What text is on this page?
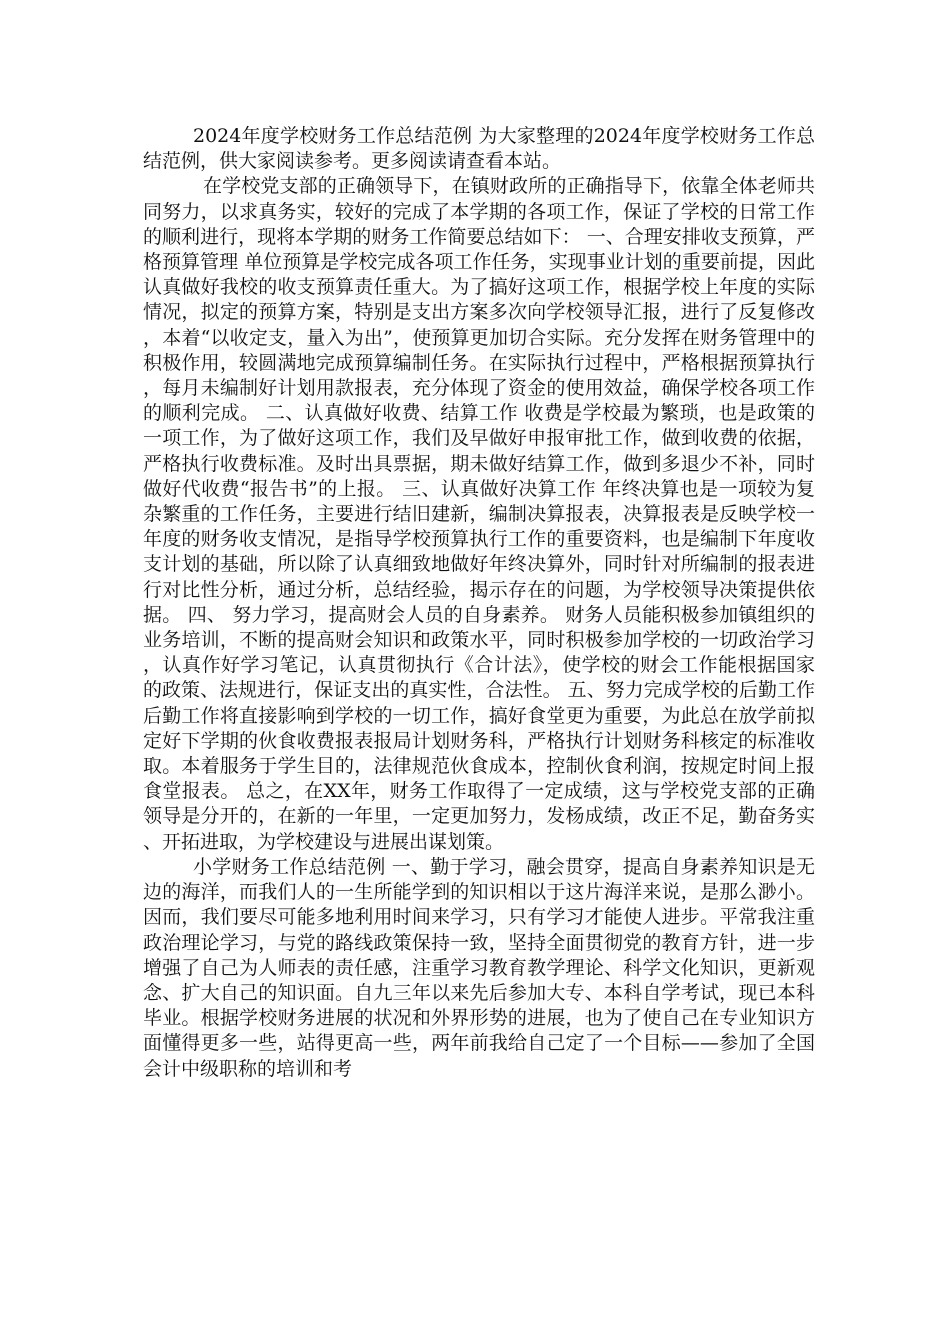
2024年度学校财务工作总结范例 为大家整理的2024年度学校财务工作总结范例，供大家阅读参考。更多阅读请查看本站。

在学校党支部的正确领导下，在镇财政所的正确指导下，依靠全体老师共同努力，以求真务实，较好的完成了本学期的各项工作，保证了学校的日常工作的顺利进行，现将本学期的财务工作简要总结如下： 一、合理安排收支预算，严格预算管理 单位预算是学校完成各项工作任务，实现事业计划的重要前提，因此认真做好我校的收支预算责任重大。为了搞好这项工作，根据学校上年度的实际情况，拟定的预算方案，特别是支出方案多次向学校领导汇报，进行了反复修改，本着“以收定支，量入为出”，使预算更加切合实际。充分发挥在财务管理中的积极作用，较圆满地完成预算编制任务。在实际执行过程中，严格根据预算执行，每月未编制好计划用款报表，充分体现了资金的使用效益，确保学校各项工作的顺利完成。 二、认真做好收费、结算工作 收费是学校最为繁琐，也是政策的一项工作，为了做好这项工作，我们及早做好申报审批工作，做到收费的依据，严格执行收费标准。及时出具票据，期未做好结算工作，做到多退少不补，同时做好代收费“报告书”的上报。 三、认真做好决算工作 年终决算也是一项较为复杂繁重的工作任务，主要进行结旧建新，编制决算报表，决算报表是反映学校一年度的财务收支情况，是指导学校预算执行工作的重要资料，也是编制下年度收支计划的基础，所以除了认真细致地做好年终决算外，同时针对所编制的报表进行对比性分析，通过分析，总结经验，揭示存在的问题，为学校领导决策提供依据。 四、 努力学习，提高财会人员的自身素养。 财务人员能积极参加镇组织的业务培训，不断的提高财会知识和政策水平，同时积极参加学校的一切政治学习，认真作好学习笔记，认真贯彻执行《合计法》，使学校的财会工作能根据国家的政策、法规进行，保证支出的真实性，合法性。 五、努力完成学校的后勤工作 后勤工作将直接影响到学校的一切工作，搞好食堂更为重要，为此总在放学前拟定好下学期的伙食收费报表报局计划财务科，严格执行计划财务科核定的标准收取。本着服务于学生目的，法律规范伙食成本，控制伙食利润，按规定时间上报食堂报表。 总之，在XX年，财务工作取得了一定成绩，这与学校党支部的正确领导是分开的，在新的一年里，一定更加努力，发杨成绩，改正不足，勤奋务实、开拓进取，为学校建设与进展出谋划策。

小学财务工作总结范例 一、勤于学习，融会贯穿，提高自身素养知识是无边的海洋，而我们人的一生所能学到的知识相以于这片海洋来说，是那么渺小。因而，我们要尽可能多地利用时间来学习，只有学习才能使人进步。平常我注重政治理论学习，与党的路线政策保持一致，坚持全面贯彻党的教育方针，进一步增强了自己为人师表的责任感，注重学习教育教学理论、科学文化知识，更新观念、扩大自己的知识面。自九三年以来先后参加大专、本科自学考试，现已本科毕业。根据学校财务进展的状况和外界形势的进展，也为了使自己在专业知识方面懂得更多一些，站得更高一些，两年前我给自己定了一个目标——参加了全国会计中级职称的培训和考
